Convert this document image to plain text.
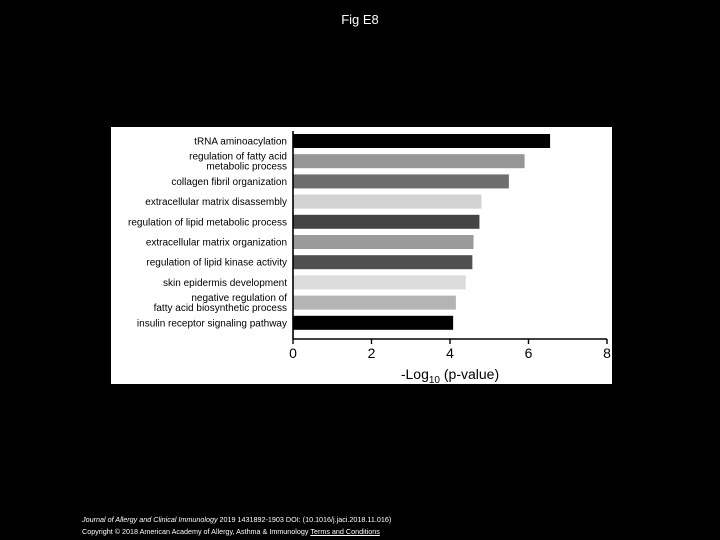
Fig E8
tRNA aminoacylation
regulation of fatty acid
metabolic process
collagen fibril organization
extracellular matrix disassembly
regulation of lipid metabolic process
extracellular matrix organization
regulation of lipid kinase activity
skin epidermis development
negative regulation of
fatty acid biosynthetic process
insulin receptor signaling pathway
0	2	4	6	8
-Log$_{10}$ (p-value)
Journal of Allergy and Clinical Immunology 2019 1431892-1903 DOI: (10.1016/j.jaci.2018.11.016)
Copyright © 2018 American Academy of Allergy, Asthma & Immunology Terms and Conditions
